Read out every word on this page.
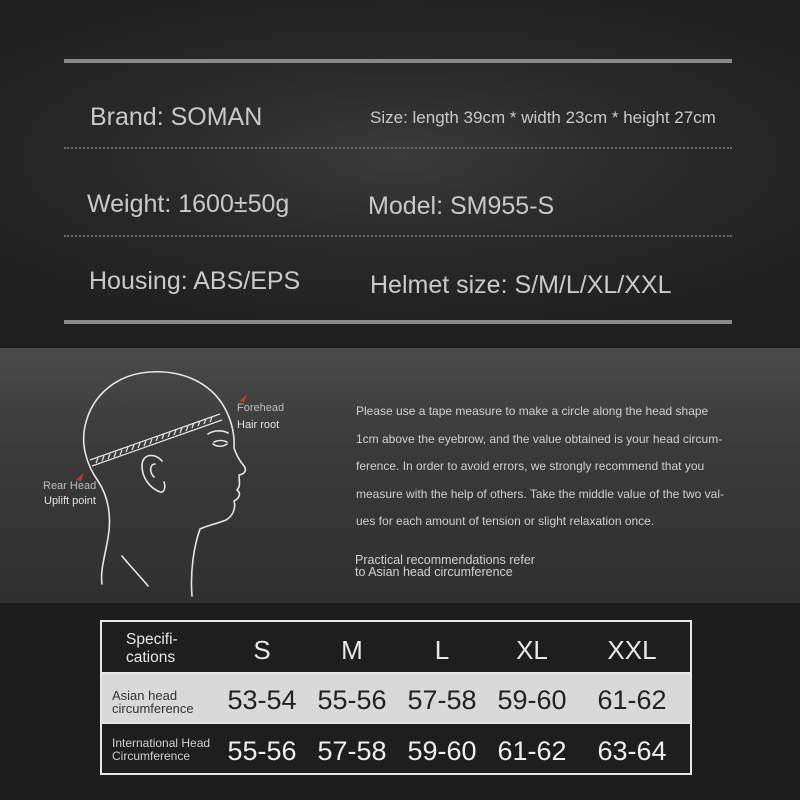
Brand: SOMAN	Size: length 39cm * width 23cm * height 27cm
Weight: 1600±50g	Model: SM955-S
Housing: ABS/EPS	Helmet size: S/M/L/XL/XXL
Forehead
Hair root
Rear Head
Uplift point

Please use a tape measure to make a circle along the head shape

1cm above the eyebrow, and the value obtained is your head circum-

ference. In order to avoid errors, we strongly recommend that you

measure with the help of others. Take the middle value of the two val-

ues for each amount of tension or slight relaxation once.

Practical recommendations refer
to Asian head circumference
Specifi-
cations	S	M	L	XL	XXL
Asian head
circumference	53-54 55-56 57-58 59-60	61-62
International Head
Circumference	55-56 57-58 59-60 61-62	63-64
